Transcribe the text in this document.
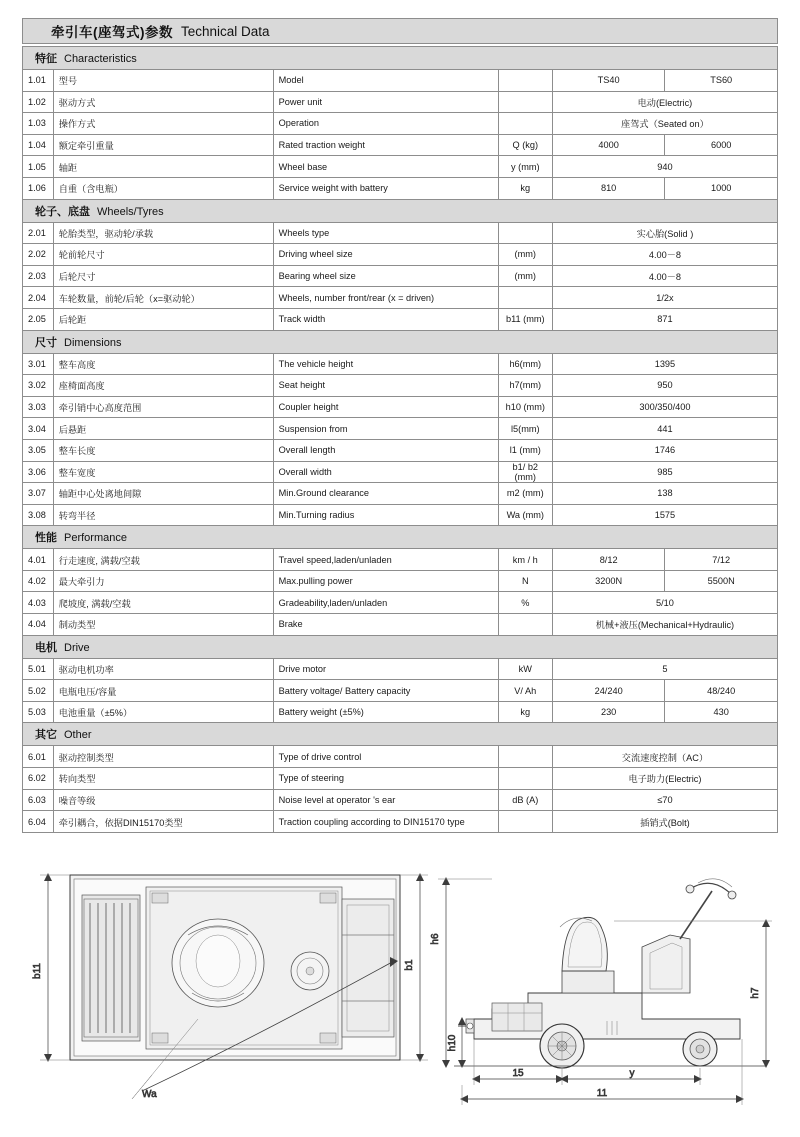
牵引车(座驾式)参数 Technical Data
特征 Characteristics					
1.01	型号	Model		TS40	TS60
1.02	驱动方式	Power unit		电动(Electric)	
1.03	操作方式	Operation		座驾式（Seated on）	
1.04	额定牵引重量	Rated traction weight	Q (kg)	4000	6000
1.05	轴距	Wheel base	y (mm)	940	
1.06	自重（含电瓶）	Service weight with battery	kg	810	1000
轮子、底盘 Wheels/Tyres					
2.01	轮胎类型，驱动轮/承载	Wheels type		实心胎(Solid )	
2.02	轮前轮尺寸	Driving wheel size	(mm)	4.00－8	
2.03	后轮尺寸	Bearing wheel size	(mm)	4.00－8	
2.04	车轮数量，前轮/后轮（x=驱动轮）	Wheels, number front/rear (x = driven)		1/2x	
2.05	后轮距	Track width	b11 (mm)	871	
尺寸 Dimensions					
3.01	整车高度	The vehicle height	h6(mm)	1395	
3.02	座椅面高度	Seat height	h7(mm)	950	
3.03	牵引销中心高度范围	Coupler height	h10 (mm)	300/350/400	
3.04	后悬距	Suspension from	l5(mm)	441	
3.05	整车长度	Overall length	l1 (mm)	1746	
3.06	整车宽度	Overall width	b1/ b2 (mm)	985	
3.07	轴距中心处离地间隙	Min.Ground clearance	m2 (mm)	138	
3.08	转弯半径	Min.Turning radius	Wa (mm)	1575	
性能 Performance					
4.01	行走速度, 满载/空载	Travel speed,laden/unladen	km / h	8/12	7/12
4.02	最大牵引力	Max.pulling power	N	3200N	5500N
4.03	爬坡度, 满载/空载	Gradeability,laden/unladen	%	5/10	
4.04	制动类型	Brake		机械+液压(Mechanical+Hydraulic)	
电机 Drive					
5.01	驱动电机功率	Drive motor	kW	5	
5.02	电瓶电压/容量	Battery voltage/ Battery capacity	V/ Ah	24/240	48/240
5.03	电池重量（±5%）	Battery weight (±5%)	kg	230	430
其它 Other					
6.01	驱动控制类型	Type of drive control		交流速度控制（AC）	
6.02	转向类型	Type of steering		电子助力(Electric)	
6.03	噪音等级	Noise level at operator 's ear	dB (A)	≤70	
6.04	牵引耦合，依据DIN15170类型	Traction coupling according to DIN15170 type		插销式(Bolt)	
b11	b1
Wa
h6
h7
h10
15	y
11
